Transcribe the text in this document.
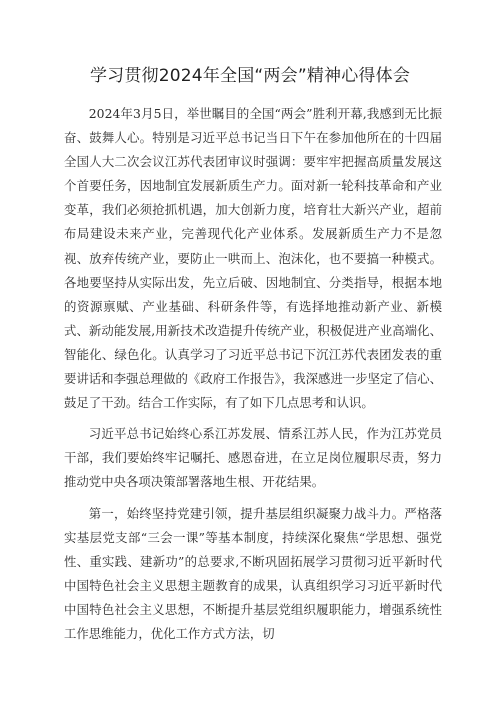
学习贯彻2024年全国“两会”精神心得体会

2024年3月5日，举世瞩目的全国“两会”胜利开幕,我感到无比振奋、鼓舞人心。特别是习近平总书记当日下午在参加他所在的十四届全国人大二次会议江苏代表团审议时强调：要牢牢把握高质量发展这个首要任务，因地制宜发展新质生产力。面对新一轮科技革命和产业变革，我们必须抢抓机遇，加大创新力度，培育壮大新兴产业，超前布局建设未来产业，完善现代化产业体系。发展新质生产力不是忽视、放弃传统产业，要防止一哄而上、泡沫化，也不要搞一种模式。各地要坚持从实际出发，先立后破、因地制宜、分类指导，根据本地的资源禀赋、产业基础、科研条件等，有选择地推动新产业、新模式、新动能发展,用新技术改造提升传统产业，积极促进产业高端化、智能化、绿色化。认真学习了习近平总书记下沉江苏代表团发表的重要讲话和李强总理做的《政府工作报告》，我深感进一步坚定了信心、鼓足了干劲。结合工作实际，有了如下几点思考和认识。

习近平总书记始终心系江苏发展、情系江苏人民，作为江苏党员干部，我们要始终牢记嘱托、感恩奋进，在立足岗位履职尽责，努力推动党中央各项决策部署落地生根、开花结果。

第一，始终坚持党建引领，提升基层组织凝聚力战斗力。严格落实基层党支部“三会一课”等基本制度，持续深化聚焦“学思想、强党性、重实践、建新功”的总要求,不断巩固拓展学习贯彻习近平新时代中国特色社会主义思想主题教育的成果，认真组织学习习近平新时代中国特色社会主义思想，不断提升基层党组织履职能力，增强系统性工作思维能力，优化工作方式方法，切
